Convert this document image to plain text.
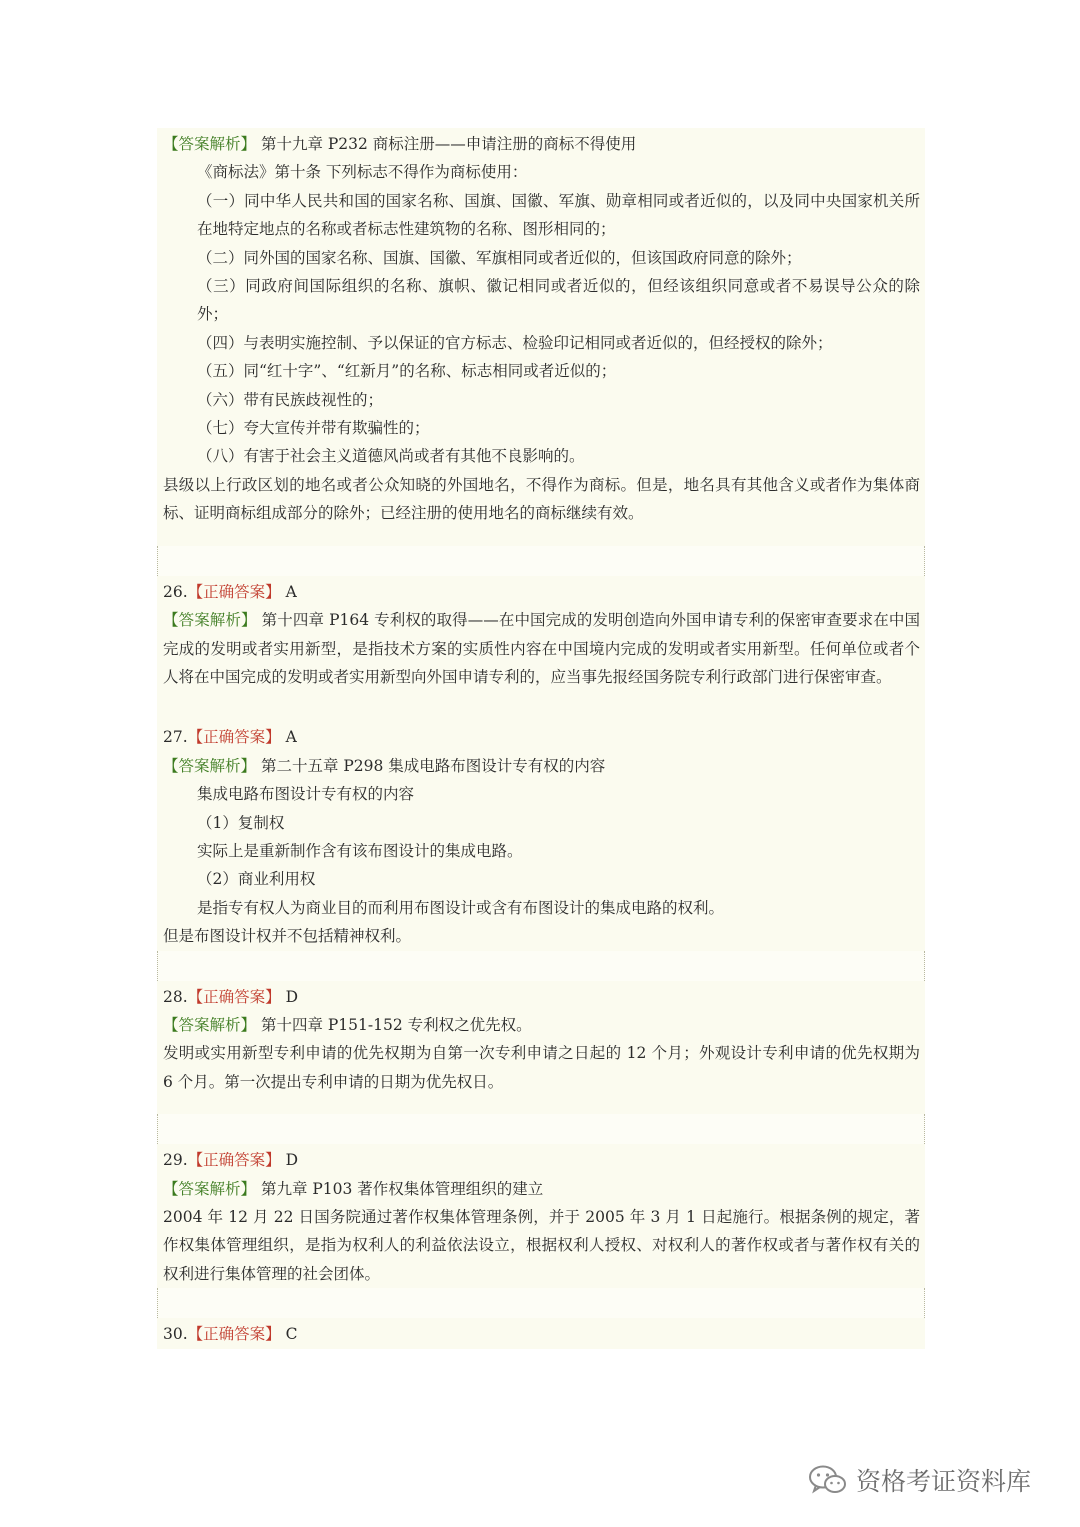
【答案解析】 第十九章 P232 商标注册——申请注册的商标不得使用

《商标法》第十条 下列标志不得作为商标使用：

（一）同中华人民共和国的国家名称、国旗、国徽、军旗、勋章相同或者近似的，以及同中央国家机关所在地特定地点的名称或者标志性建筑物的名称、图形相同的；

（二）同外国的国家名称、国旗、国徽、军旗相同或者近似的，但该国政府同意的除外；

（三）同政府间国际组织的名称、旗帜、徽记相同或者近似的，但经该组织同意或者不易误导公众的除外；

（四）与表明实施控制、予以保证的官方标志、检验印记相同或者近似的，但经授权的除外；

（五）同“红十字”、“红新月”的名称、标志相同或者近似的；

（六）带有民族歧视性的；

（七）夸大宣传并带有欺骗性的；

（八）有害于社会主义道德风尚或者有其他不良影响的。

县级以上行政区划的地名或者公众知晓的外国地名，不得作为商标。但是，地名具有其他含义或者作为集体商标、证明商标组成部分的除外；已经注册的使用地名的商标继续有效。

26.【正确答案】 A

【答案解析】 第十四章 P164 专利权的取得——在中国完成的发明创造向外国申请专利的保密审查要求在中国完成的发明或者实用新型，是指技术方案的实质性内容在中国境内完成的发明或者实用新型。任何单位或者个人将在中国完成的发明或者实用新型向外国申请专利的，应当事先报经国务院专利行政部门进行保密审查。

27.【正确答案】 A

【答案解析】 第二十五章 P298 集成电路布图设计专有权的内容

集成电路布图设计专有权的内容

（1）复制权

实际上是重新制作含有该布图设计的集成电路。

（2）商业利用权

是指专有权人为商业目的而利用布图设计或含有布图设计的集成电路的权利。

但是布图设计权并不包括精神权利。

28.【正确答案】 D

【答案解析】 第十四章 P151-152 专利权之优先权。

发明或实用新型专利申请的优先权期为自第一次专利申请之日起的 12 个月；外观设计专利申请的优先权期为 6 个月。第一次提出专利申请的日期为优先权日。

29.【正确答案】 D

【答案解析】 第九章 P103 著作权集体管理组织的建立

2004 年 12 月 22 日国务院通过著作权集体管理条例，并于 2005 年 3 月 1 日起施行。根据条例的规定，著作权集体管理组织，是指为权利人的利益依法设立，根据权利人授权、对权利人的著作权或者与著作权有关的权利进行集体管理的社会团体。

30.【正确答案】 C

资格考证资料库
